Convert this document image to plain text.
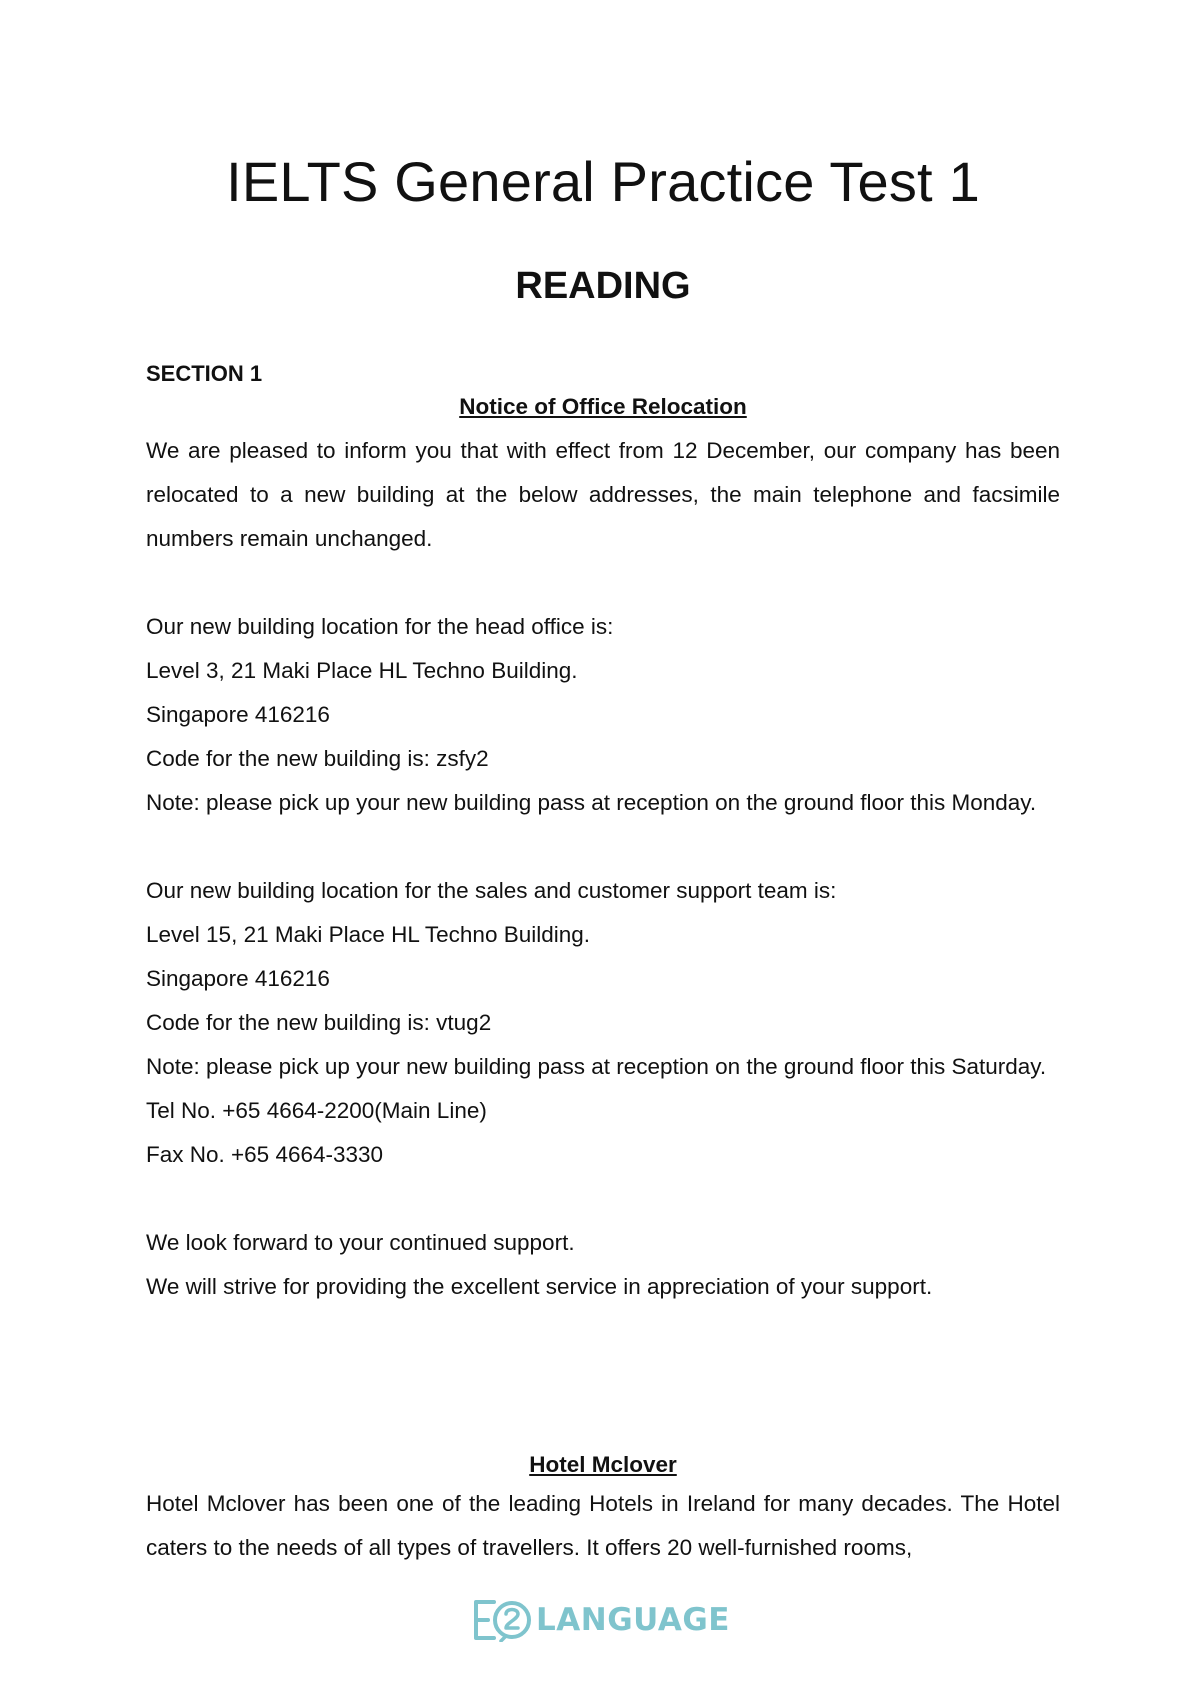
IELTS General Practice Test 1
READING

SECTION 1

Notice of Office Relocation

We are pleased to inform you that with effect from 12 December, our company has been relocated to a new building at the below addresses, the main telephone and facsimile numbers remain unchanged.

Our new building location for the head office is:

Level 3, 21 Maki Place HL Techno Building.

Singapore 416216

Code for the new building is: zsfy2

Note: please pick up your new building pass at reception on the ground floor this Monday.

Our new building location for the sales and customer support team is:

Level 15, 21 Maki Place HL Techno Building.

Singapore 416216

Code for the new building is: vtug2

Note: please pick up your new building pass at reception on the ground floor this Saturday.

Tel No. +65 4664-2200(Main Line)

Fax No. +65 4664-3330

We look forward to your continued support.

We will strive for providing the excellent service in appreciation of your support.

Hotel Mclover

Hotel Mclover has been one of the leading Hotels in Ireland for many decades. The Hotel caters to the needs of all types of travellers. It offers 20 well-furnished rooms,

LANGUAGE
